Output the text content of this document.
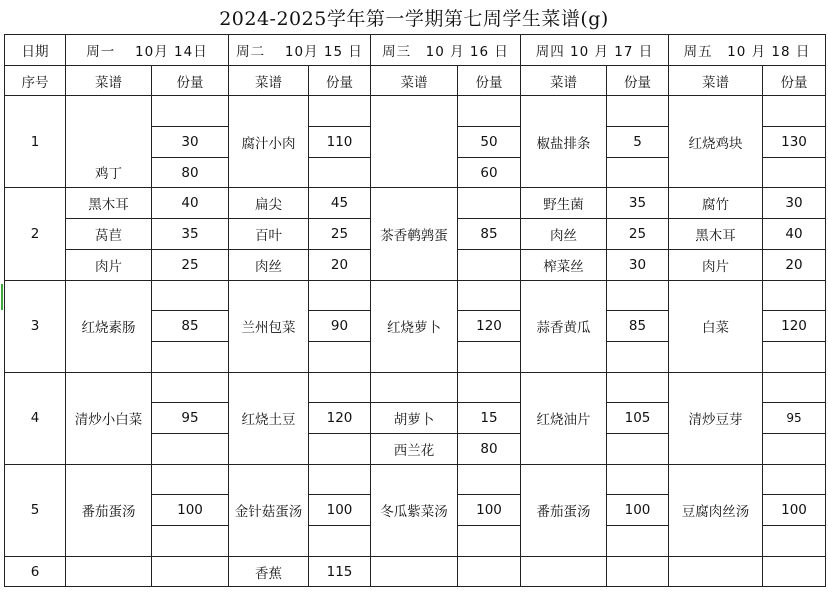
2024-2025学年第一学期第七周学生菜谱(g)
日期	周一　 10月 14日		周二　 10月 15 日		周三　10 月 16 日		周四 10 月 17 日		周五　10 月 18 日	
序号	菜谱	份量	菜谱	份量	菜谱	份量	菜谱	份量	菜谱	份量
1			腐汁小肉				椒盐排条		红烧鸡块	
		30		110		50		5		130
	鸡丁	80				60				
2	黑木耳	40	扁尖	45	茶香鹌鹑蛋		野生菌	35	腐竹	30
	莴苣	35	百叶	25		85	肉丝	25	黑木耳	40
	肉片	25	肉丝	20			榨菜丝	30	肉片	20
3	红烧素肠		兰州包菜		红烧萝卜		蒜香黄瓜		白菜	
		85		90		120		85		120

4	清炒小白菜		红烧土豆				红烧油片		清炒豆芽	
		95		120	胡萝卜	15		105		95
					西兰花	80				
5	番茄蛋汤		金针菇蛋汤		冬瓜紫菜汤		番茄蛋汤		豆腐肉丝汤	
		100		100		100		100		100

6			香蕉	115						
